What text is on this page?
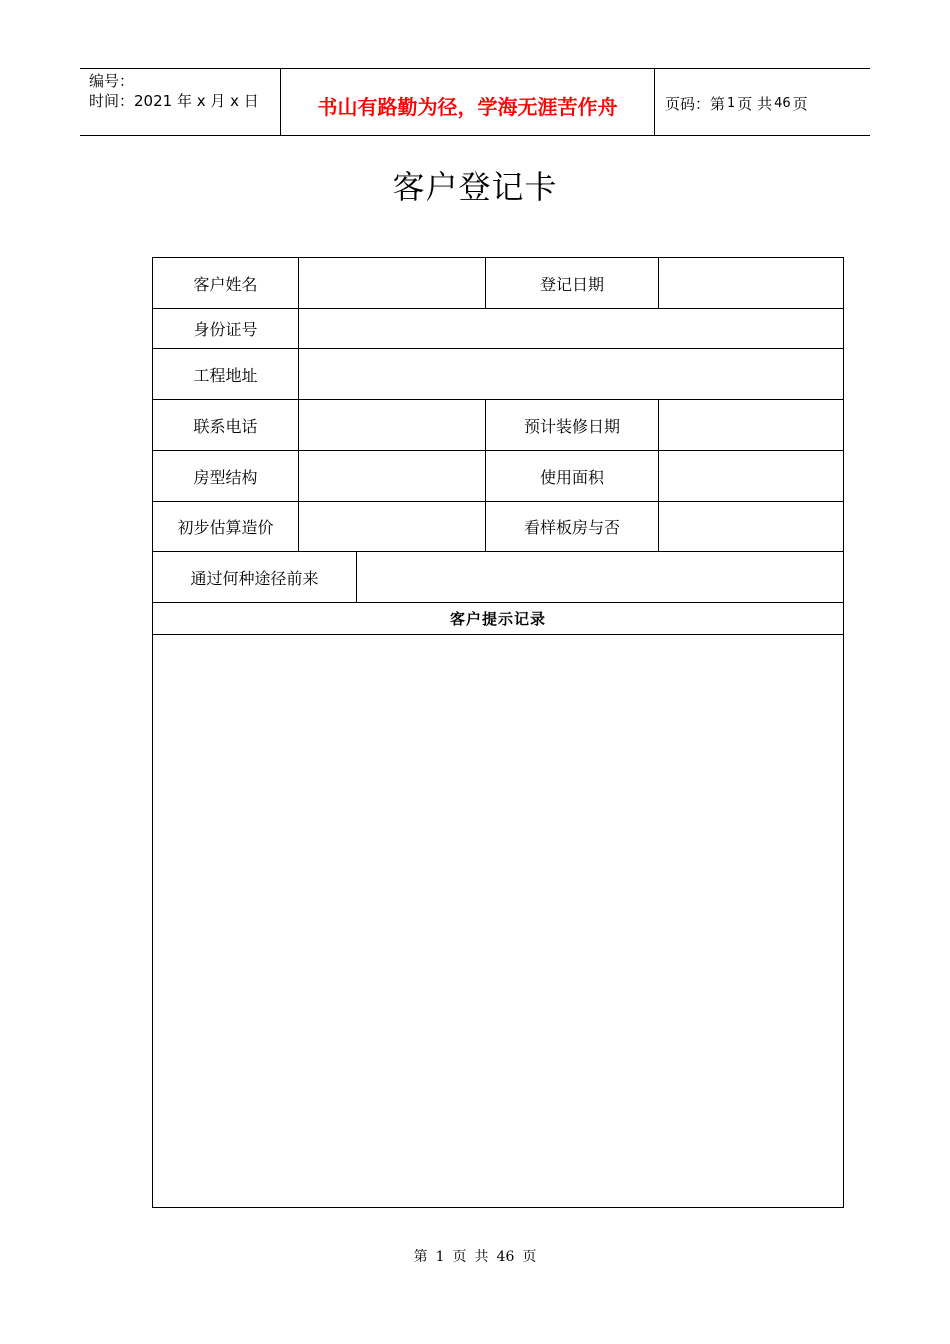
编号：
时间：2021 年 x 月 x 日	书山有路勤为径，学海无涯苦作舟	页码：第 1 页 共 46 页
客户登记卡
客户姓名	登记日期
身份证号
工程地址
联系电话	预计装修日期
房型结构	使用面积
初步估算造价	看样板房与否
通过何种途径前来
客户提示记录
第 1 页 共 46 页
